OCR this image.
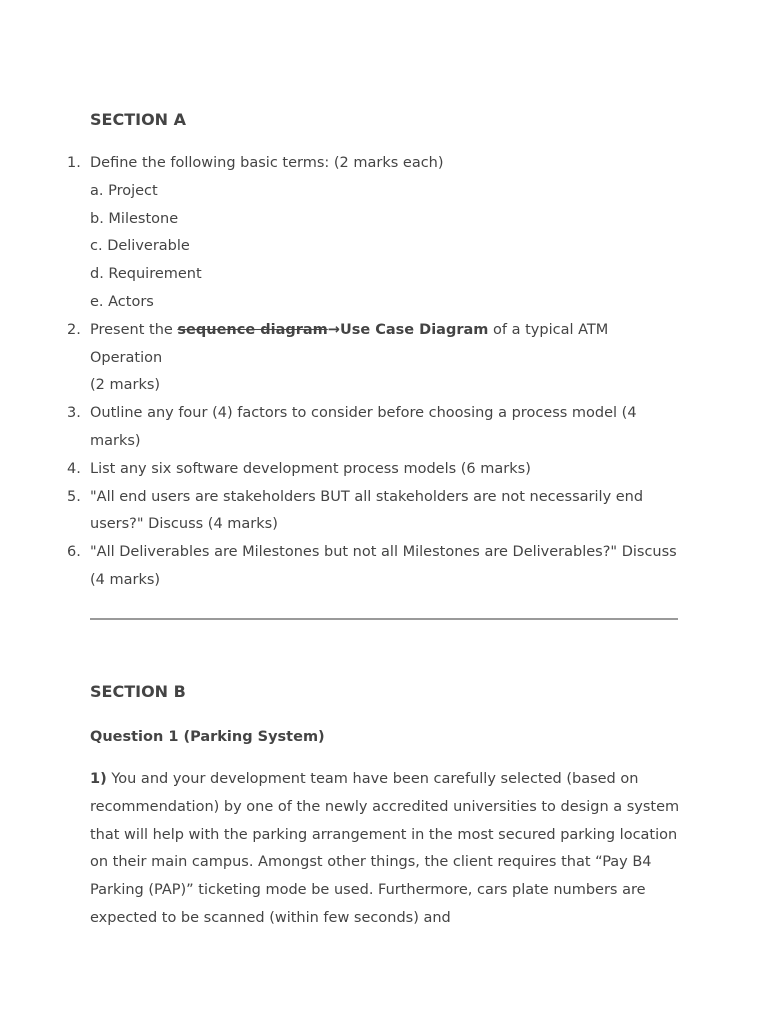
SECTION A
1. Define the following basic terms: (2 marks each)
a. Project
b. Milestone
c. Deliverable
d. Requirement
e. Actors
2. Present the sequence diagram→Use Case Diagram of a typical ATM Operation
(2 marks)
3. Outline any four (4) factors to consider before choosing a process model (4 marks)
4. List any six software development process models (6 marks)
5. "All end users are stakeholders BUT all stakeholders are not necessarily end users?" Discuss (4 marks)
6. "All Deliverables are Milestones but not all Milestones are Deliverables?" Discuss (4 marks)
SECTION B
Question 1 (Parking System)

1) You and your development team have been carefully selected (based on recommendation) by one of the newly accredited universities to design a system that will help with the parking arrangement in the most secured parking location on their main campus. Amongst other things, the client requires that “Pay B4 Parking (PAP)” ticketing mode be used. Furthermore, cars plate numbers are expected to be scanned (within few seconds) and
